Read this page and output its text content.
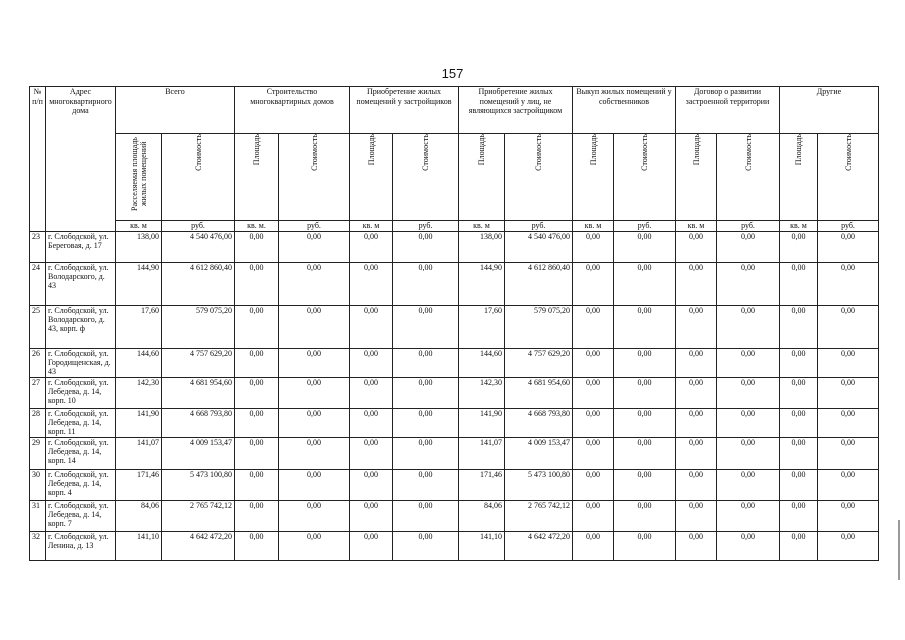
157
№ п/п	Адрес многоквартирного дома	Всего		Строительство многоквартирных домов		Приобретение жилых помещений у застройщиков		Приобретение жилых помещений у лиц, не являющихся застройщиком		Выкуп жилых помещений у собственников		Договор о развитии застроенной территории		Другие	

		Расселяемая площадь жилых помещений	Стоимость	Площадь	Стоимость	Площадь	Стоимость	Площадь	Стоимость	Площадь	Стоимость	Площадь	Стоимость	Площадь	Стоимость

		кв. м	руб.	кв. м.	руб.	кв. м	руб.	кв. м	руб.	кв. м	руб.	кв. м	руб.	кв. м	руб.
23	г. Слободской, ул. Береговая, д. 17	138,00	4 540 476,00	0,00	0,00	0,00	0,00	138,00	4 540 476,00	0,00	0,00	0,00	0,00	0,00	0,00
24	г. Слободской, ул. Володарского, д. 43	144,90	4 612 860,40	0,00	0,00	0,00	0,00	144,90	4 612 860,40	0,00	0,00	0,00	0,00	0,00	0,00
25	г. Слободской, ул. Володарского, д. 43, корп. ф	17,60	579 075,20	0,00	0,00	0,00	0,00	17,60	579 075,20	0,00	0,00	0,00	0,00	0,00	0,00
26	г. Слободской, ул. Городищенская, д. 43	144,60	4 757 629,20	0,00	0,00	0,00	0,00	144,60	4 757 629,20	0,00	0,00	0,00	0,00	0,00	0,00
27	г. Слободской, ул. Лебедева, д. 14, корп. 10	142,30	4 681 954,60	0,00	0,00	0,00	0,00	142,30	4 681 954,60	0,00	0,00	0,00	0,00	0,00	0,00
28	г. Слободской, ул. Лебедева, д. 14, корп. 11	141,90	4 668 793,80	0,00	0,00	0,00	0,00	141,90	4 668 793,80	0,00	0,00	0,00	0,00	0,00	0,00
29	г. Слободской, ул. Лебедева, д. 14, корп. 14	141,07	4 009 153,47	0,00	0,00	0,00	0,00	141,07	4 009 153,47	0,00	0,00	0,00	0,00	0,00	0,00
30	г. Слободской, ул. Лебедева, д. 14, корп. 4	171,46	5 473 100,80	0,00	0,00	0,00	0,00	171,46	5 473 100,80	0,00	0,00	0,00	0,00	0,00	0,00
31	г. Слободской, ул. Лебедева, д. 14, корп. 7	84,06	2 765 742,12	0,00	0,00	0,00	0,00	84,06	2 765 742,12	0,00	0,00	0,00	0,00	0,00	0,00
32	г. Слободской, ул. Ленина, д. 13	141,10	4 642 472,20	0,00	0,00	0,00	0,00	141,10	4 642 472,20	0,00	0,00	0,00	0,00	0,00	0,00
